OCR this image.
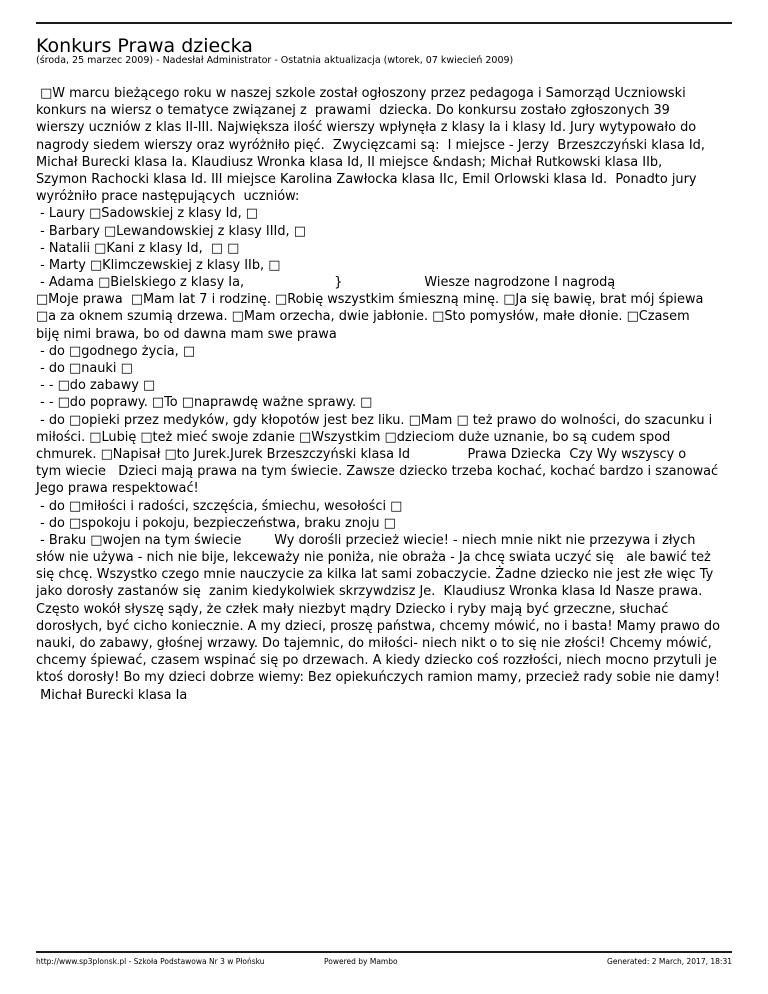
Konkurs Prawa dziecka
(środa, 25 marzec 2009) - Nadesłał Administrator - Ostatnia aktualizacja (wtorek, 07 kwiecień 2009)
□W marcu bieżącego roku w naszej szkole został ogłoszony przez pedagoga i Samorząd Uczniowski
konkurs na wiersz o tematyce związanej z  prawami  dziecka. Do konkursu zostało zgłoszonych 39
wierszy uczniów z klas II-III. Największa ilość wierszy wpłynęła z klasy Ia i klasy Id. Jury wytypowało do
nagrody siedem wierszy oraz wyróżniło pięć.  Zwycięzcami są:  I miejsce - Jerzy  Brzeszczyński klasa Id,
Michał Burecki klasa Ia. Klaudiusz Wronka klasa Id, II miejsce &ndash; Michał Rutkowski klasa IIb,
Szymon Rachocki klasa Id. III miejsce Karolina Zawłocka klasa IIc, Emil Orlowski klasa Id.  Ponadto jury
wyróżniło prace następujących  uczniów:
- Laury □Sadowskiej z klasy Id, □
- Barbary □Lewandowskiej z klasy IIId, □
- Natalii □Kani z klasy Id,  □ □
- Marty □Klimczewskiej z klasy IIb, □
- Adama □Bielskiego z klasy Ia,                      }                    Wiesze nagrodzone I nagrodą
□Moje prawa  □Mam lat 7 i rodzinę. □Robię wszystkim śmieszną minę. □Ja się bawię, brat mój śpiewa
□a za oknem szumią drzewa. □Mam orzecha, dwie jabłonie. □Sto pomysłów, małe dłonie. □Czasem
biję nimi brawa, bo od dawna mam swe prawa
- do □godnego życia, □
- do □nauki □
- - □do zabawy □
- - □do poprawy. □To □naprawdę ważne sprawy. □
- do □opieki przez medyków, gdy kłopotów jest bez liku. □Mam □ też prawo do wolności, do szacunku i
miłości. □Lubię □też mieć swoje zdanie □Wszystkim □dzieciom duże uznanie, bo są cudem spod
chmurek. □Napisał □to Jurek.Jurek Brzeszczyński klasa Id              Prawa Dziecka  Czy Wy wszyscy o
tym wiecie   Dzieci mają prawa na tym świecie. Zawsze dziecko trzeba kochać, kochać bardzo i szanować
Jego prawa respektować!
- do □miłości i radości, szczęścia, śmiechu, wesołości □
- do □spokoju i pokoju, bezpieczeństwa, braku znoju □
- Braku □wojen na tym świecie        Wy dorośli przecież wiecie! - niech mnie nikt nie przezywa i złych
słów nie używa - nich nie bije, lekceważy nie poniża, nie obraża - Ja chcę swiata uczyć się   ale bawić też
się chcę. Wszystko czego mnie nauczycie za kilka lat sami zobaczycie. Żadne dziecko nie jest złe więc Ty
jako dorosły zastanów się  zanim kiedykolwiek skrzywdzisz Je.  Klaudiusz Wronka klasa Id Nasze prawa.
Często wokół słyszę sądy, że człek mały niezbyt mądry Dziecko i ryby mają być grzeczne, słuchać
dorosłych, być cicho koniecznie. A my dzieci, proszę państwa, chcemy mówić, no i basta! Mamy prawo do
nauki, do zabawy, głośnej wrzawy. Do tajemnic, do miłości- niech nikt o to się nie złości! Chcemy mówić,
chcemy śpiewać, czasem wspinać się po drzewach. A kiedy dziecko coś rozzłości, niech mocno przytuli je
ktoś dorosły! Bo my dzieci dobrze wiemy: Bez opiekuńczych ramion mamy, przecież rady sobie nie damy!
Michał Burecki klasa Ia
http://www.sp3plonsk.pl - Szkoła Podstawowa Nr 3 w Płońsku	Powered by Mambo	Generated: 2 March, 2017, 18:31
